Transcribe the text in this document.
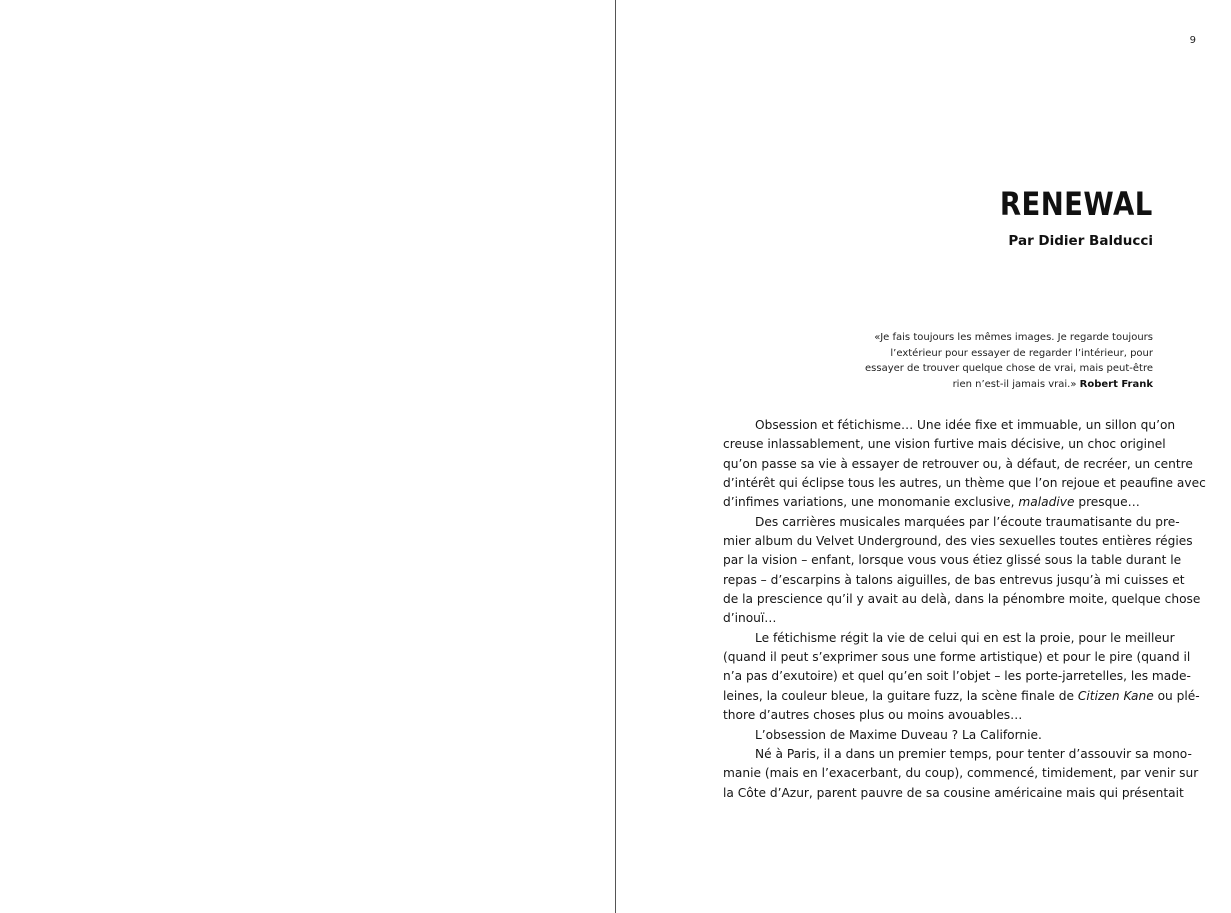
9
RENEWAL
Par Didier Balducci
«Je fais toujours les mêmes images. Je regarde toujours
l’extérieur pour essayer de regarder l’intérieur, pour
essayer de trouver quelque chose de vrai, mais peut-être
rien n’est-il jamais vrai.» Robert Frank
Obsession et fétichisme… Une idée fixe et immuable, un sillon qu’on
creuse inlassablement, une vision furtive mais décisive, un choc originel
qu’on passe sa vie à essayer de retrouver ou, à défaut, de recréer, un centre
d’intérêt qui éclipse tous les autres, un thème que l’on rejoue et peaufine avec
d’infimes variations, une monomanie exclusive, maladive presque…
Des carrières musicales marquées par l’écoute traumatisante du pre-
mier album du Velvet Underground, des vies sexuelles toutes entières régies
par la vision – enfant, lorsque vous vous étiez glissé sous la table durant le
repas – d’escarpins à talons aiguilles, de bas entrevus jusqu’à mi cuisses et
de la prescience qu’il y avait au delà, dans la pénombre moite, quelque chose
d’inouï…
Le fétichisme régit la vie de celui qui en est la proie, pour le meilleur
(quand il peut s’exprimer sous une forme artistique) et pour le pire (quand il
n’a pas d’exutoire) et quel qu’en soit l’objet – les porte-jarretelles, les made-
leines, la couleur bleue, la guitare fuzz, la scène finale de Citizen Kane ou plé-
thore d’autres choses plus ou moins avouables…
L’obsession de Maxime Duveau ? La Californie.
Né à Paris, il a dans un premier temps, pour tenter d’assouvir sa mono-
manie (mais en l’exacerbant, du coup), commencé, timidement, par venir sur
la Côte d’Azur, parent pauvre de sa cousine américaine mais qui présentait
